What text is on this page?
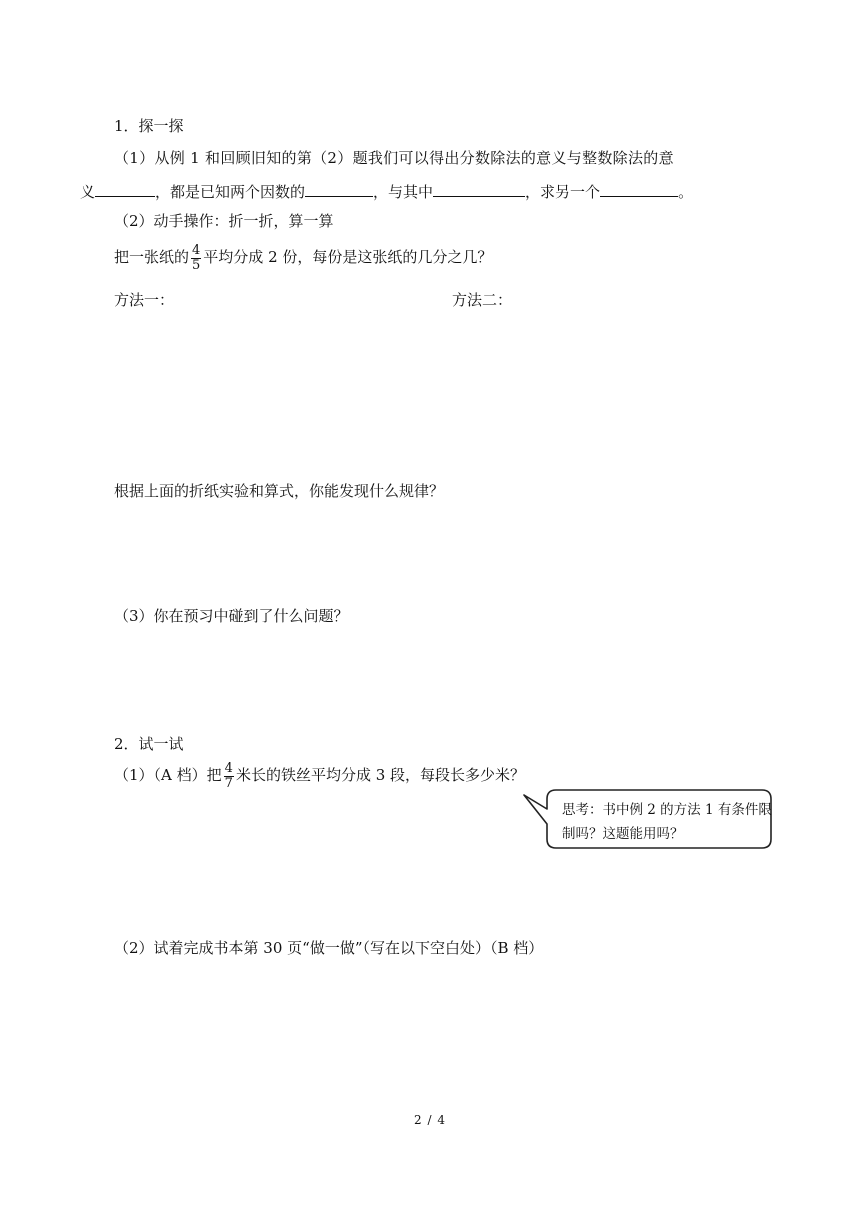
1．探一探
（1）从例 1 和回顾旧知的第（2）题我们可以得出分数除法的意义与整数除法的意
义	，都是已知两个因数的	，与其中	，求另一个	。
（2）动手操作：折一折，算一算
把一张纸的 $\frac{4}{5}$ 平均分成 2 份，每份是这张纸的几分之几？
方法一：	方法二：
根据上面的折纸实验和算式，你能发现什么规律？
（3）你在预习中碰到了什么问题？
2．试一试
（1）（A 档）把 $\frac{4}{7}$ 米长的铁丝平均分成 3 段，每段长多少米？
思考：书中例 2 的方法 1 有条件限制吗？这题能用吗？
（2）试着完成书本第 30 页“做一做”（写在以下空白处）（B 档）
2 / 4
